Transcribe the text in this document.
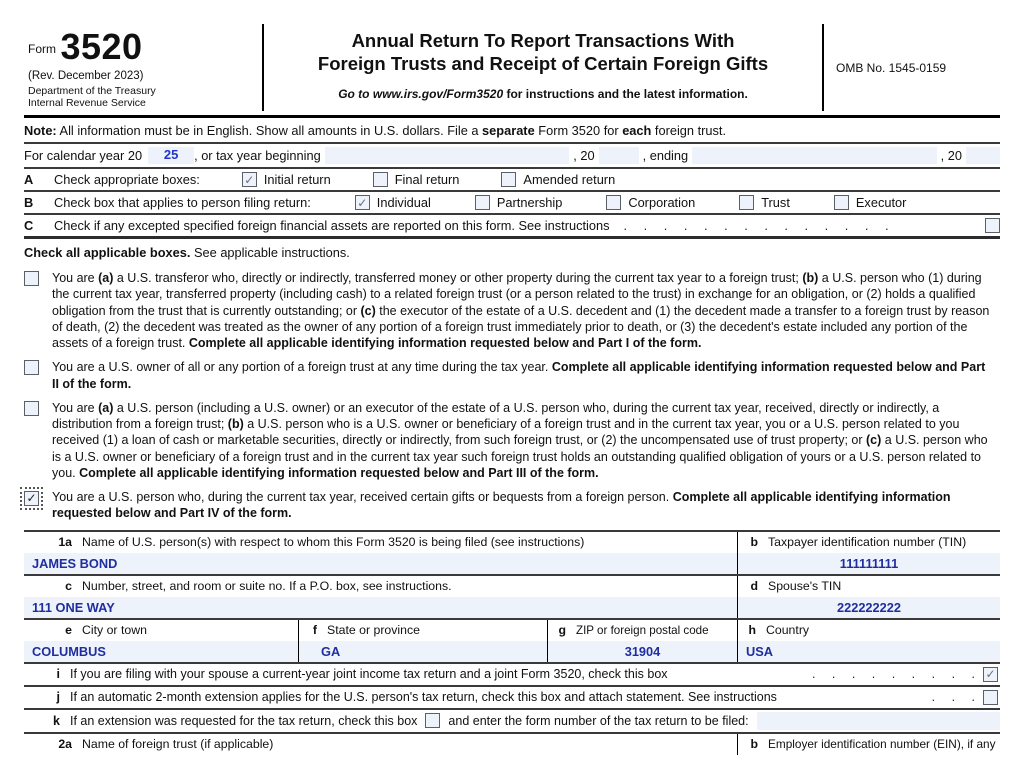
$^{Form}$ 3520
(Rev. December 2023)
Department of the Treasury
Internal Revenue Service
Annual Return To Report Transactions With
Foreign Trusts and Receipt of Certain Foreign Gifts
Go to www.irs.gov/Form3520 for instructions and the latest information.
OMB No. 1545-0159
Note: All information must be in English. Show all amounts in U.S. dollars. File a separate Form 3520 for each foreign trust.
For calendar year 20	25	, or tax year beginning	, 20	, ending	, 20
A	Check appropriate boxes:	✓ Initial return	Final return	Amended return
B	Check box that applies to person filing return:	✓ Individual	Partnership	Corporation	Trust	Executor
C	Check if any excepted specified foreign financial assets are reported on this form. See instructions . . . . . . . . . . . . . .
Check all applicable boxes. See applicable instructions.
You are (a) a U.S. transferor who, directly or indirectly, transferred money or other property during the current tax year to a foreign trust; (b) a U.S. person who (1) during the current tax year, transferred property (including cash) to a related foreign trust (or a person related to the trust) in exchange for an obligation, or (2) holds a qualified obligation from the trust that is currently outstanding; or (c) the executor of the estate of a U.S. decedent and (1) the decedent made a transfer to a foreign trust by reason of death, (2) the decedent was treated as the owner of any portion of a foreign trust immediately prior to death, or (3) the decedent's estate included any portion of the assets of a foreign trust. Complete all applicable identifying information requested below and Part I of the form.
You are a U.S. owner of all or any portion of a foreign trust at any time during the tax year. Complete all applicable identifying information requested below and Part II of the form.
You are (a) a U.S. person (including a U.S. owner) or an executor of the estate of a U.S. person who, during the current tax year, received, directly or indirectly, a distribution from a foreign trust; (b) a U.S. person who is a U.S. owner or beneficiary of a foreign trust and in the current tax year, you or a U.S. person related to you received (1) a loan of cash or marketable securities, directly or indirectly, from such foreign trust, or (2) the uncompensated use of trust property; or (c) a U.S. person who is a U.S. owner or beneficiary of a foreign trust and in the current tax year such foreign trust holds an outstanding qualified obligation of yours or a U.S. person related to you. Complete all applicable identifying information requested below and Part III of the form.
✓ You are a U.S. person who, during the current tax year, received certain gifts or bequests from a foreign person. Complete all applicable identifying information requested below and Part IV of the form.
1a Name of U.S. person(s) with respect to whom this Form 3520 is being filed (see instructions)
JAMES BOND
b Taxpayer identification number (TIN)
111111111
c Number, street, and room or suite no. If a P.O. box, see instructions.
111 ONE WAY
d Spouse's TIN
222222222
e City or town
COLUMBUS
f State or province
GA
g ZIP or foreign postal code
31904
h Country
USA
i If you are filing with your spouse a current-year joint income tax return and a joint Form 3520, check this box	. . . . . . . . . ✓
j If an automatic 2-month extension applies for the U.S. person's tax return, check this box and attach statement. See instructions	. . .
k If an extension was requested for the tax return, check this box and enter the form number of the tax return to be filed:
2a Name of foreign trust (if applicable)	b Employer identification number (EIN), if any
